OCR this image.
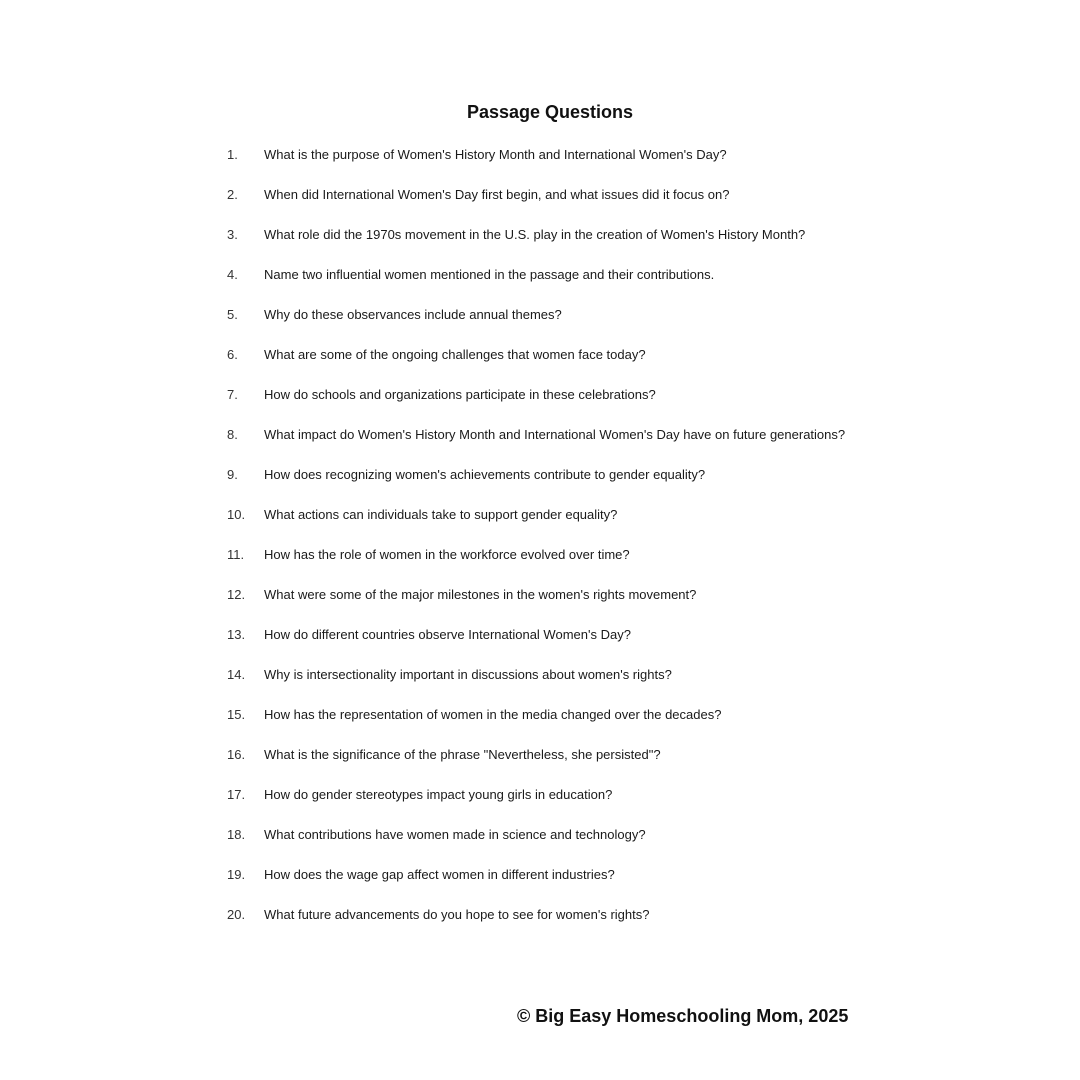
Passage Questions
1.	What is the purpose of Women's History Month and International Women's Day?
2.	When did International Women's Day first begin, and what issues did it focus on?
3.	What role did the 1970s movement in the U.S. play in the creation of Women's History Month?
4.	Name two influential women mentioned in the passage and their contributions.
5.	Why do these observances include annual themes?
6.	What are some of the ongoing challenges that women face today?
7.	How do schools and organizations participate in these celebrations?
8.	What impact do Women's History Month and International Women's Day have on future generations?
9.	How does recognizing women's achievements contribute to gender equality?
10.	What actions can individuals take to support gender equality?
11.	How has the role of women in the workforce evolved over time?
12.	What were some of the major milestones in the women's rights movement?
13.	How do different countries observe International Women's Day?
14.	Why is intersectionality important in discussions about women's rights?
15.	How has the representation of women in the media changed over the decades?
16.	What is the significance of the phrase "Nevertheless, she persisted"?
17.	How do gender stereotypes impact young girls in education?
18.	What contributions have women made in science and technology?
19.	How does the wage gap affect women in different industries?
20.	What future advancements do you hope to see for women's rights?
© Big Easy Homeschooling Mom, 2025
